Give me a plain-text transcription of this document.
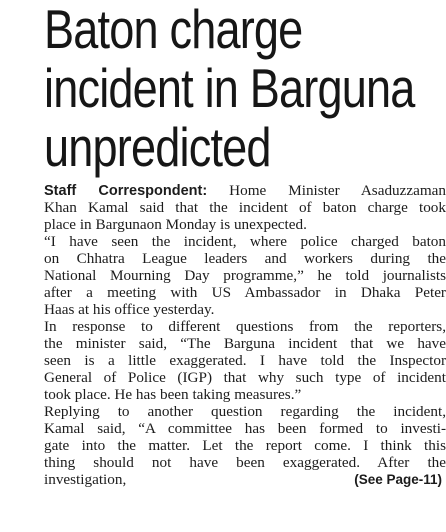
Baton charge
incident in Barguna
unpredicted
Staff Correspondent: Home Minister Asaduzzaman
Khan Kamal said that the incident of baton charge took
place in Bargunaon Monday is unexpected.
“I have seen the incident, where police charged baton
on Chhatra League leaders and workers during the
National Mourning Day programme,” he told journalists
after a meeting with US Ambassador in Dhaka Peter
Haas at his office yesterday.
In response to different questions from the reporters,
the minister said, “The Barguna incident that we have
seen is a little exaggerated. I have told the Inspector
General of Police (IGP) that why such type of incident
took place. He has been taking measures.”
Replying to another question regarding the incident,
Kamal said, “A committee has been formed to investi-
gate into the matter. Let the report come. I think this
thing should not have been exaggerated. After the
investigation,	(See Page-11)
